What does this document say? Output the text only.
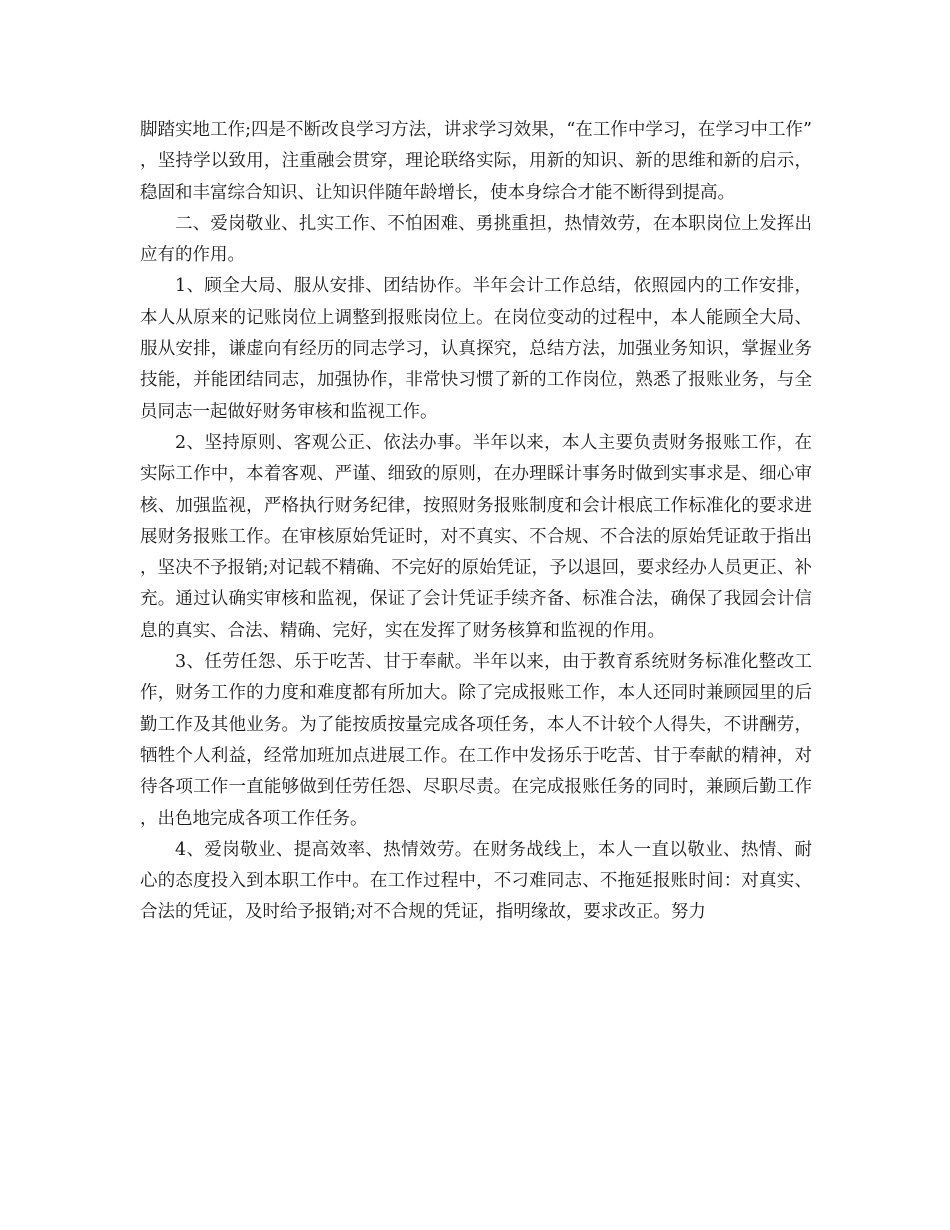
脚踏实地工作;四是不断改良学习方法，讲求学习效果，“在工作中学习，在学习中工作”，坚持学以致用，注重融会贯穿，理论联络实际，用新的知识、新的思维和新的启示，稳固和丰富综合知识、让知识伴随年龄增长，使本身综合才能不断得到提高。

二、爱岗敬业、扎实工作、不怕困难、勇挑重担，热情效劳，在本职岗位上发挥出应有的作用。

1、顾全大局、服从安排、团结协作。半年会计工作总结，依照园内的工作安排，本人从原来的记账岗位上调整到报账岗位上。在岗位变动的过程中，本人能顾全大局、服从安排，谦虚向有经历的同志学习，认真探究，总结方法，加强业务知识，掌握业务技能，并能团结同志，加强协作，非常快习惯了新的工作岗位，熟悉了报账业务，与全员同志一起做好财务审核和监视工作。

2、坚持原则、客观公正、依法办事。半年以来，本人主要负责财务报账工作，在实际工作中，本着客观、严谨、细致的原则，在办理睬计事务时做到实事求是、细心审核、加强监视，严格执行财务纪律，按照财务报账制度和会计根底工作标准化的要求进展财务报账工作。在审核原始凭证时，对不真实、不合规、不合法的原始凭证敢于指出，坚决不予报销;对记载不精确、不完好的原始凭证，予以退回，要求经办人员更正、补充。通过认确实审核和监视，保证了会计凭证手续齐备、标准合法，确保了我园会计信息的真实、合法、精确、完好，实在发挥了财务核算和监视的作用。

3、任劳任怨、乐于吃苦、甘于奉献。半年以来，由于教育系统财务标准化整改工作，财务工作的力度和难度都有所加大。除了完成报账工作，本人还同时兼顾园里的后勤工作及其他业务。为了能按质按量完成各项任务，本人不计较个人得失，不讲酬劳，牺牲个人利益，经常加班加点进展工作。在工作中发扬乐于吃苦、甘于奉献的精神，对待各项工作一直能够做到任劳任怨、尽职尽责。在完成报账任务的同时，兼顾后勤工作，出色地完成各项工作任务。

4、爱岗敬业、提高效率、热情效劳。在财务战线上，本人一直以敬业、热情、耐心的态度投入到本职工作中。在工作过程中，不刁难同志、不拖延报账时间：对真实、合法的凭证，及时给予报销;对不合规的凭证，指明缘故，要求改正。努力
